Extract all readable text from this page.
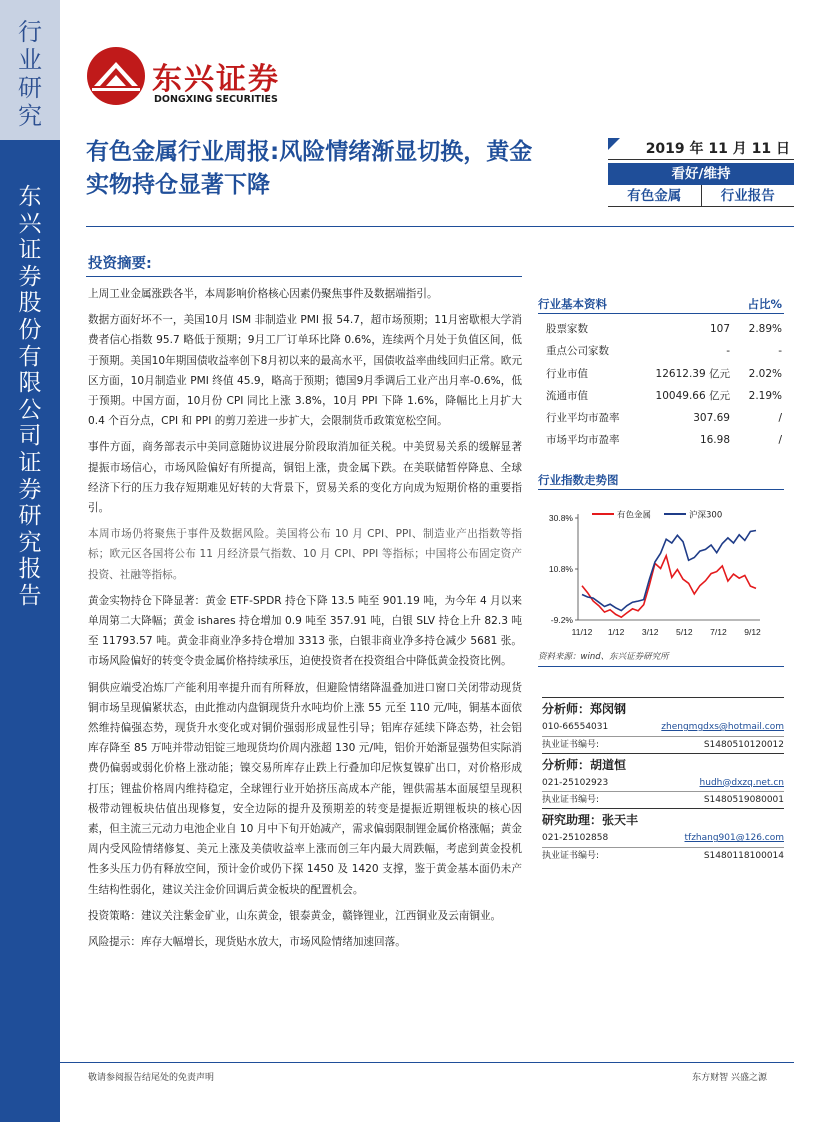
行业研究
东兴证券股份有限公司证券研究报告
东兴证券
DONGXING SECURITIES
有色金属行业周报:风险情绪渐显切换，黄金实物持仓显著下降
2019 年 11 月 11 日
看好/维持
有色金属	行业报告
投资摘要:

上周工业金属涨跌各半，本周影响价格核心因素仍聚焦事件及数据端指引。

数据方面好坏不一，美国10月 ISM 非制造业 PMI 报 54.7，超市场预期；11月密歇根大学消费者信心指数 95.7 略低于预期；9月工厂订单环比降 0.6%，连续两个月处于负值区间，低于预期。美国10年期国债收益率创下8月初以来的最高水平，国债收益率曲线回归正常。欧元区方面，10月制造业 PMI 终值 45.9，略高于预期；德国9月季调后工业产出月率-0.6%，低于预期。中国方面，10月份 CPI 同比上涨 3.8%，10月 PPI 下降 1.6%，降幅比上月扩大 0.4 个百分点，CPI 和 PPI 的剪刀差进一步扩大，会限制货币政策宽松空间。

事件方面，商务部表示中美同意随协议进展分阶段取消加征关税。中美贸易关系的缓解显著提振市场信心，市场风险偏好有所提高，铜铝上涨，贵金属下跌。在美联储暂停降息、全球经济下行的压力我存短期难见好转的大背景下，贸易关系的变化方向成为短期价格的重要指引。

本周市场仍将聚焦于事件及数据风险。美国将公布 10 月 CPI、PPI、制造业产出指数等指标；欧元区各国将公布 11 月经济景气指数、10 月 CPI、PPI 等指标；中国将公布固定资产投资、社融等指标。

黄金实物持仓下降显著：黄金 ETF-SPDR 持仓下降 13.5 吨至 901.19 吨，为今年 4 月以来单周第二大降幅；黄金 ishares 持仓增加 0.9 吨至 357.91 吨，白银 SLV 持仓上升 82.3 吨至 11793.57 吨。黄金非商业净多持仓增加 3313 张，白银非商业净多持仓减少 5681 张。市场风险偏好的转变令贵金属价格持续承压，迫使投资者在投资组合中降低黄金投资比例。

铜供应端受冶炼厂产能利用率提升而有所释放，但避险情绪降温叠加进口窗口关闭带动现货铜市场呈现偏紧状态，由此推动内盘铜现货升水吨均价上涨 55 元至 110 元/吨，铜基本面依然维持偏强态势，现货升水变化或对铜价强弱形成显性引导；铝库存延续下降态势，社会铝库存降至 85 万吨并带动铝锭三地现货均价周内涨超 130 元/吨，铝价开始渐显强势但实际消费仍偏弱或弱化价格上涨动能；镍交易所库存止跌上行叠加印尼恢复镍矿出口，对价格形成打压；锂盐价格周内维持稳定，全球锂行业开始挤压高成本产能，锂供需基本面展望呈现积极带动锂板块估值出现修复，安全边际的提升及预期差的转变是提振近期锂板块的核心因素，但主流三元动力电池企业自 10 月中下旬开始减产，需求偏弱限制锂金属价格涨幅；黄金周内受风险情绪修复、美元上涨及美债收益率上涨而创三年内最大周跌幅，考虑到黄金投机性多头压力仍有释放空间，预计金价或仍下探 1450 及 1420 支撑，鉴于黄金基本面仍未产生结构性弱化，建议关注金价回调后黄金板块的配置机会。

投资策略：建议关注紫金矿业，山东黄金，银泰黄金，赣锋锂业，江西铜业及云南铜业。

风险提示：库存大幅增长，现货贴水放大，市场风险情绪加速回落。

行业基本资料	占比%
股票家数	107 2.89%
重点公司家数	-	-
行业市值	12612.39 亿元 2.02%
流通市值	10049.66 亿元 2.19%
行业平均市盈率	307.69	/
市场平均市盈率	16.98	/
行业指数走势图
30.8%
10.8%
-9.2%
11/12 1/12 3/12 5/12 7/12 9/12
有色金属	沪深300
资料来源：wind、东兴证券研究所
分析师：郑闵钢
010-66554031	zhengmgdxs@hotmail.com
执业证书编号:	S1480510120012
分析师：胡道恒
021-25102923	hudh@dxzq.net.cn
执业证书编号:	S1480519080001
研究助理：张天丰
021-25102858	tfzhang901@126.com
执业证书编号:	S1480118100014
敬请参阅报告结尾处的免责声明	东方财智 兴盛之源
